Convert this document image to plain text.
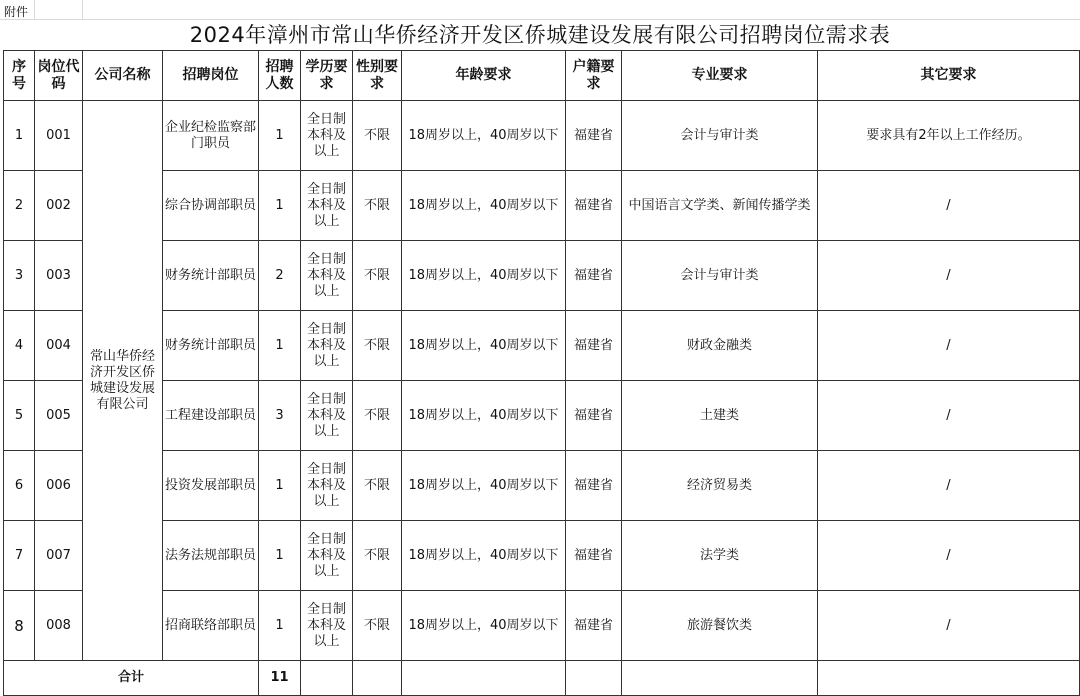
附件
2024年漳州市常山华侨经济开发区侨城建设发展有限公司招聘岗位需求表
序号	岗位代码	公司名称	招聘岗位	招聘人数	学历要求	性别要求	年龄要求	户籍要求	专业要求	其它要求
1	001	常山华侨经济开发区侨城建设发展有限公司	企业纪检监察部门职员	1	全日制本科及以上	不限	18周岁以上，40周岁以下	福建省	会计与审计类	要求具有2年以上工作经历。
2	002		综合协调部职员	1	全日制本科及以上	不限	18周岁以上，40周岁以下	福建省	中国语言文学类、新闻传播学类	/
3	003		财务统计部职员	2	全日制本科及以上	不限	18周岁以上，40周岁以下	福建省	会计与审计类	/
4	004		财务统计部职员	1	全日制本科及以上	不限	18周岁以上，40周岁以下	福建省	财政金融类	/
5	005		工程建设部职员	3	全日制本科及以上	不限	18周岁以上，40周岁以下	福建省	土建类	/
6	006		投资发展部职员	1	全日制本科及以上	不限	18周岁以上，40周岁以下	福建省	经济贸易类	/
7	007		法务法规部职员	1	全日制本科及以上	不限	18周岁以上，40周岁以下	福建省	法学类	/
8	008		招商联络部职员	1	全日制本科及以上	不限	18周岁以上，40周岁以下	福建省	旅游餐饮类	/
合计				11						
